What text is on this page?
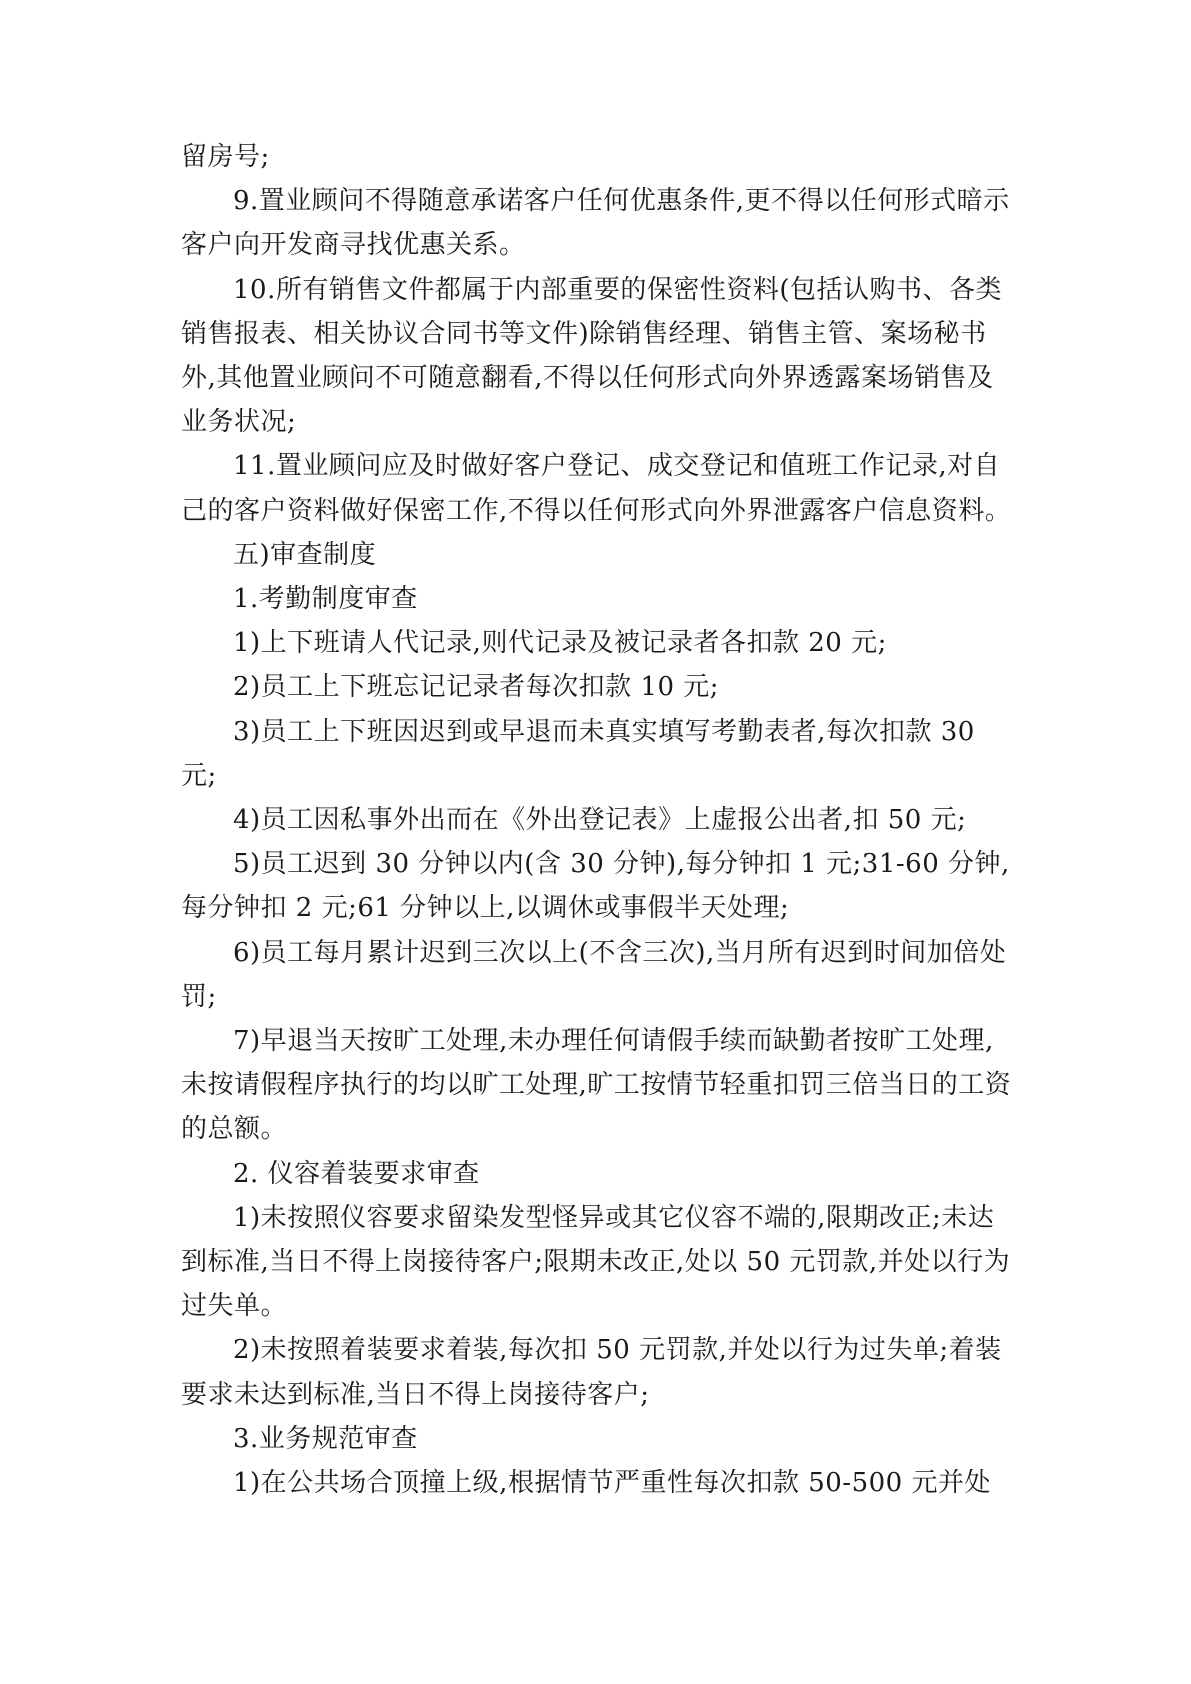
留房号;

9.置业顾问不得随意承诺客户任何优惠条件,更不得以任何形式暗示客户向开发商寻找优惠关系。

10.所有销售文件都属于内部重要的保密性资料(包括认购书、各类销售报表、相关协议合同书等文件)除销售经理、销售主管、案场秘书外,其他置业顾问不可随意翻看,不得以任何形式向外界透露案场销售及业务状况;

11.置业顾问应及时做好客户登记、成交登记和值班工作记录,对自己的客户资料做好保密工作,不得以任何形式向外界泄露客户信息资料。

五)审查制度

1.考勤制度审查

1)上下班请人代记录,则代记录及被记录者各扣款 20 元;

2)员工上下班忘记记录者每次扣款 10 元;

3)员工上下班因迟到或早退而未真实填写考勤表者,每次扣款 30 元;

4)员工因私事外出而在《外出登记表》上虚报公出者,扣 50 元;

5)员工迟到 30 分钟以内(含 30 分钟),每分钟扣 1 元;31-60 分钟,每分钟扣 2 元;61 分钟以上,以调休或事假半天处理;

6)员工每月累计迟到三次以上(不含三次),当月所有迟到时间加倍处罚;

7)早退当天按旷工处理,未办理任何请假手续而缺勤者按旷工处理,未按请假程序执行的均以旷工处理,旷工按情节轻重扣罚三倍当日的工资的总额。

2. 仪容着装要求审查

1)未按照仪容要求留染发型怪异或其它仪容不端的,限期改正;未达到标准,当日不得上岗接待客户;限期未改正,处以 50 元罚款,并处以行为过失单。

2)未按照着装要求着装,每次扣 50 元罚款,并处以行为过失单;着装要求未达到标准,当日不得上岗接待客户;

3.业务规范审查

1)在公共场合顶撞上级,根据情节严重性每次扣款 50-500 元并处
